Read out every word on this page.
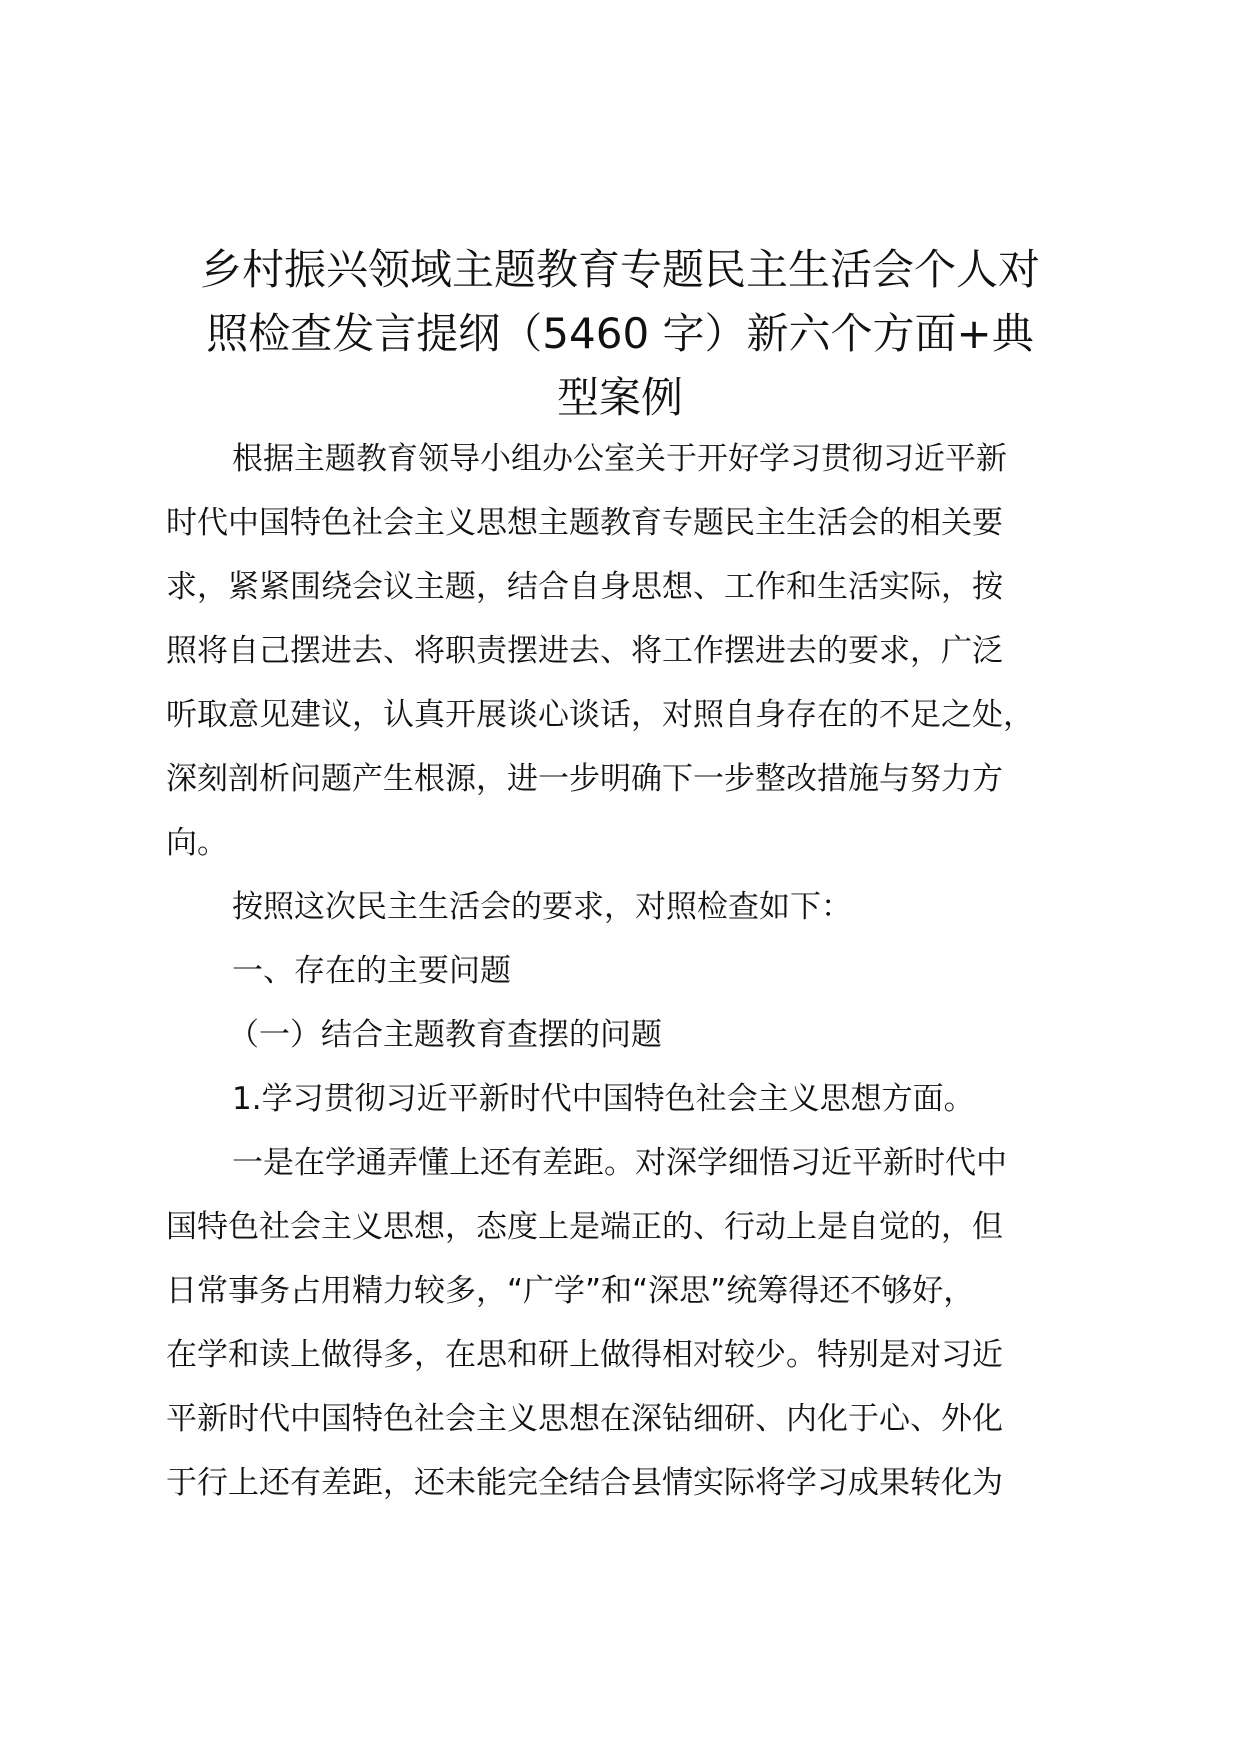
乡村振兴领域主题教育专题民主生活会个人对
照检查发言提纲（5460 字）新六个方面+典
型案例
根据主题教育领导小组办公室关于开好学习贯彻习近平新
时代中国特色社会主义思想主题教育专题民主生活会的相关要
求，紧紧围绕会议主题，结合自身思想、工作和生活实际，按
照将自己摆进去、将职责摆进去、将工作摆进去的要求，广泛
听取意见建议，认真开展谈心谈话，对照自身存在的不足之处，
深刻剖析问题产生根源，进一步明确下一步整改措施与努力方
向。
按照这次民主生活会的要求，对照检查如下：
一、存在的主要问题
（一）结合主题教育查摆的问题
1.学习贯彻习近平新时代中国特色社会主义思想方面。
一是在学通弄懂上还有差距。对深学细悟习近平新时代中
国特色社会主义思想，态度上是端正的、行动上是自觉的，但
日常事务占用精力较多，“广学”和“深思”统筹得还不够好，
在学和读上做得多，在思和研上做得相对较少。特别是对习近
平新时代中国特色社会主义思想在深钻细研、内化于心、外化
于行上还有差距，还未能完全结合县情实际将学习成果转化为
